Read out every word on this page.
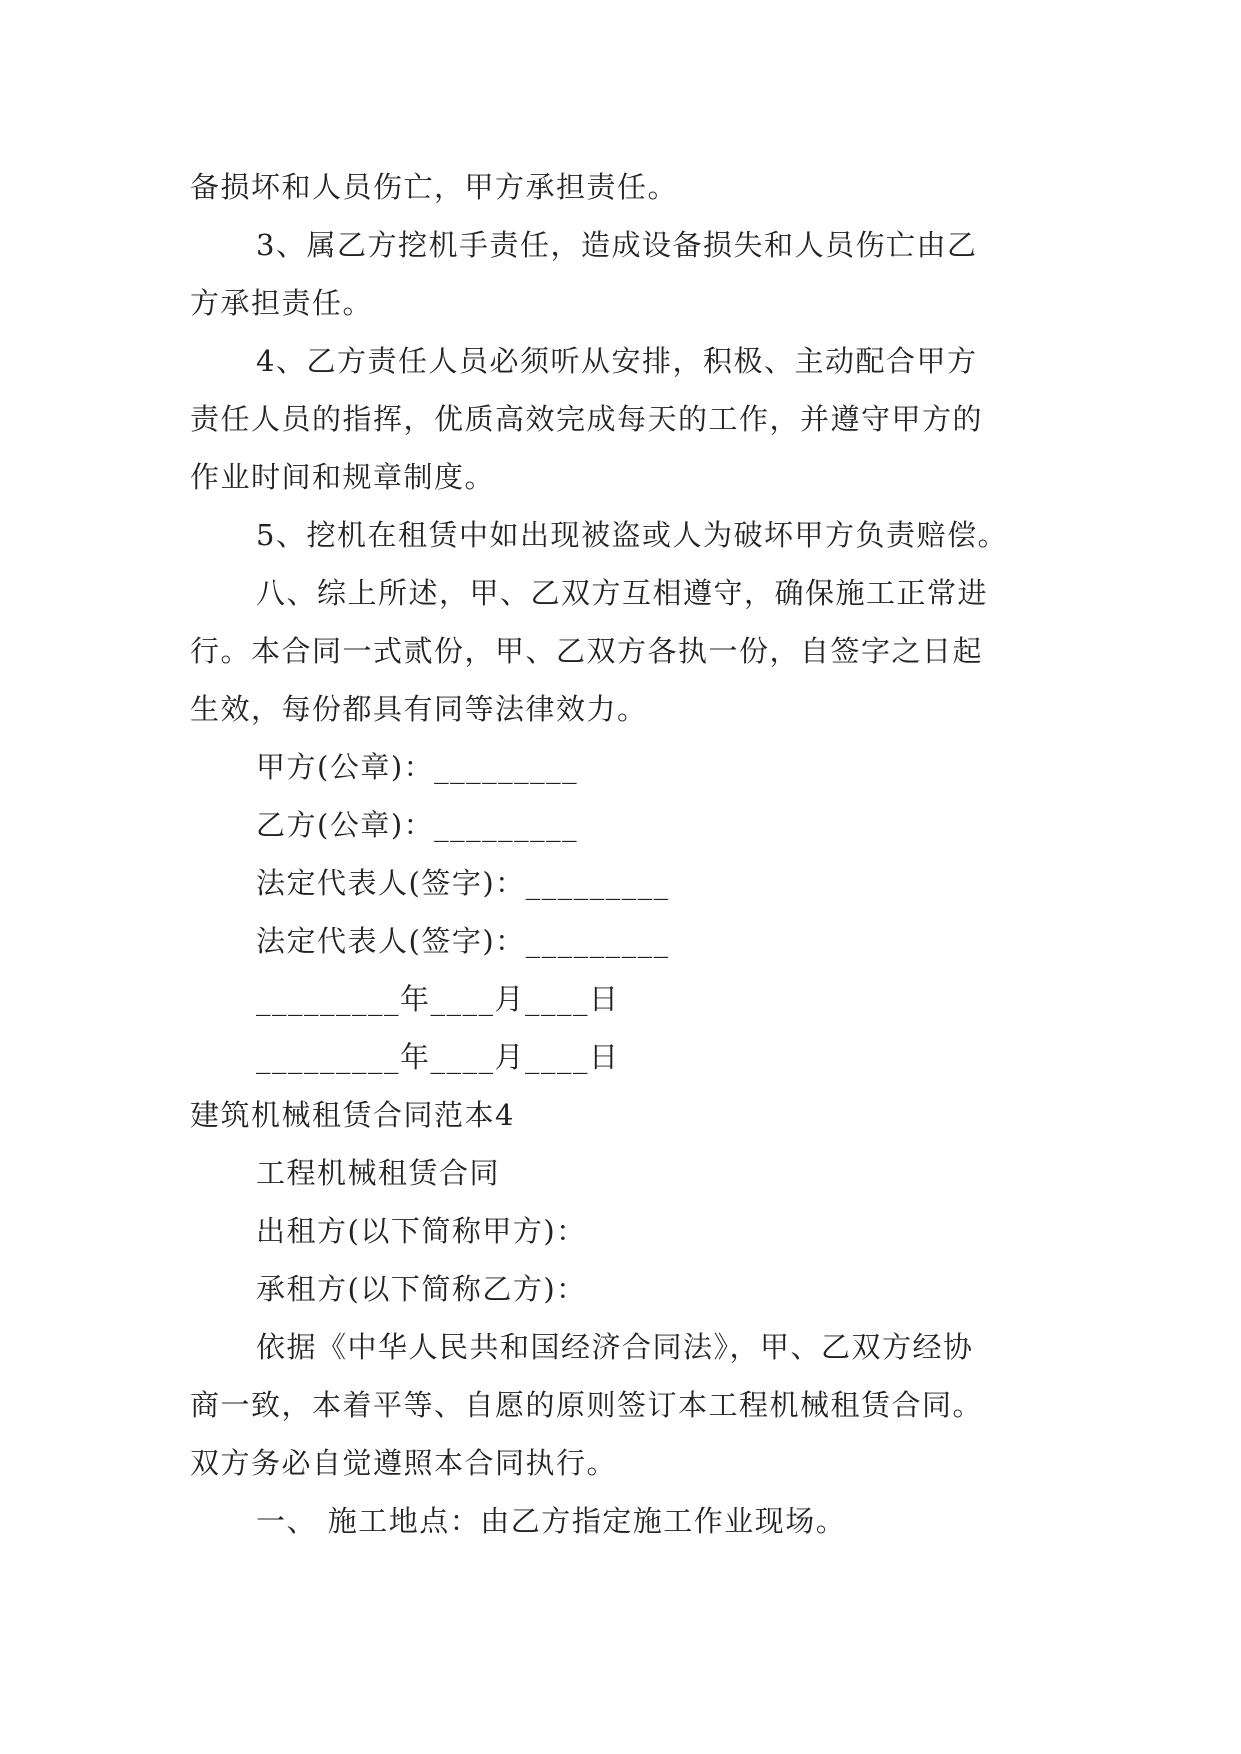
备损坏和人员伤亡，甲方承担责任。
3、属乙方挖机手责任，造成设备损失和人员伤亡由乙
方承担责任。
4、乙方责任人员必须听从安排，积极、主动配合甲方
责任人员的指挥，优质高效完成每天的工作，并遵守甲方的
作业时间和规章制度。
5、挖机在租赁中如出现被盗或人为破坏甲方负责赔偿。
八、综上所述，甲、乙双方互相遵守，确保施工正常进
行。本合同一式贰份，甲、乙双方各执一份，自签字之日起
生效，每份都具有同等法律效力。
甲方(公章)：_________
乙方(公章)：_________
法定代表人(签字)：_________
法定代表人(签字)：_________
_________年____月____日
_________年____月____日
建筑机械租赁合同范本4
工程机械租赁合同
出租方(以下简称甲方)：
承租方(以下简称乙方)：
依据《中华人民共和国经济合同法》，甲、乙双方经协
商一致，本着平等、自愿的原则签订本工程机械租赁合同。
双方务必自觉遵照本合同执行。
一、 施工地点：由乙方指定施工作业现场。
